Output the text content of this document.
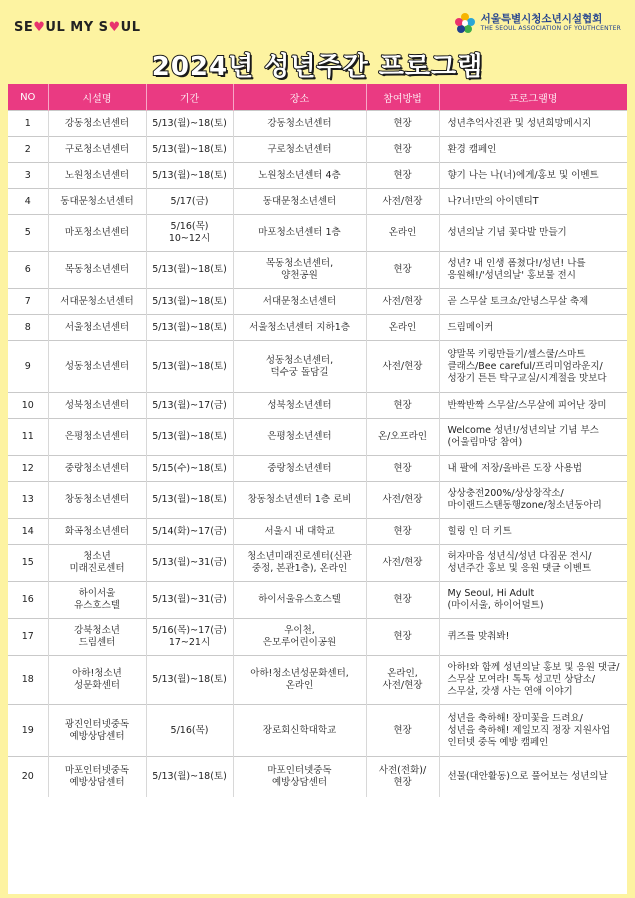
SE♥UL MY S♥UL
서울특별시청소년시설협회
THE SEOUL ASSOCIATION OF YOUTHCENTER
2024년 성년주간 프로그램
NO	시설명	기간	장소	참여방법	프로그램명
1	강동청소년센터	5/13(월)~18(토)	강동청소년센터	현장	성년추억사진관 및 성년희망메시지
2	구로청소년센터	5/13(월)~18(토)	구로청소년센터	현장	환경 캠페인
3	노원청소년센터	5/13(월)~18(토)	노원청소년센터 4층	현장	향기 나는 나(너)에게/홍보 및 이벤트
4	동대문청소년센터	5/17(금)	동대문청소년센터	사전/현장	나?너!만의 아이덴티T
5	마포청소년센터	5/16(목)
10~12시	마포청소년센터 1층	온라인	성년의날 기념 꽃다발 만들기
6	목동청소년센터	5/13(월)~18(토)	목동청소년센터,
양천공원	현장	성년? 내 인생 폼쳤다!/성년! 나를
응원해!/'성년의날' 홍보물 전시
7	서대문청소년센터	5/13(월)~18(토)	서대문청소년센터	사전/현장	곧 스무살 토크쇼/안녕스무살 축제
8	서울청소년센터	5/13(월)~18(토)	서울청소년센터 지하1층	온라인	드림메이커
9	성동청소년센터	5/13(월)~18(토)	성동청소년센터,
덕수궁 돌담길	사전/현장	양말목 키링만들기/셀스쿨/스마트
클래스/Bee careful/프리미엄라운지/
성장기 튼튼 탁구교실/시계절을 맛보다
10	성북청소년센터	5/13(월)~17(금)	성북청소년센터	현장	반짝반짝 스무살/스무살에 피어난 장미
11	은평청소년센터	5/13(월)~18(토)	은평청소년센터	온/오프라인	Welcome 성년!/성년의날 기념 부스
(어울림마당 참여)
12	중랑청소년센터	5/15(수)~18(토)	중랑청소년센터	현장	내 팔에 저장/올바른 도장 사용법
13	창동청소년센터	5/13(월)~18(토)	창동청소년센터 1층 로비	사전/현장	상상충전200%/상상창작소/
마이랜드스탠동행zone/청소년동아리
14	화곡청소년센터	5/14(화)~17(금)	서울시 내 대학교	현장	힐링 인 더 키트
15	청소년
미래진로센터	5/13(월)~31(금)	청소년미래진로센터(신관
중정, 본관1층), 온라인	사전/현장	허자마음 성년식/성년 다짐문 전시/
성년주간 홍보 및 응원 댓글 이벤트
16	하이서울
유스호스텔	5/13(월)~31(금)	하이서울유스호스텔	현장	My Seoul, Hi Adult
(마이서울, 하이어덜트)
17	강북청소년
드림센터	5/16(목)~17(금)
17~21시	우이천,
은모루어린이공원	현장	퀴즈를 맞춰봐!
18	아하!청소년
성문화센터	5/13(월)~18(토)	아하!청소년성문화센터,
온라인	온라인,
사전/현장	아하!와 함께 성년의날 홍보 및 응원 댓글/
스무살 모여라! 톡톡 성고민 상담소/
스무살, 갓생 사는 연애 이야기
19	광진인터넷중독
예방상담센터	5/16(목)	장로회신학대학교	현장	성년을 축하해! 장미꽃을 드려요/
성년을 축하해! 제일모직 정장 지원사업
인터넷 중독 예방 캠페인
20	마포인터넷중독
예방상담센터	5/13(월)~18(토)	마포인터넷중독
예방상담센터	사전(전화)/
현장	선물(대안활동)으로 풀어보는 성년의날
